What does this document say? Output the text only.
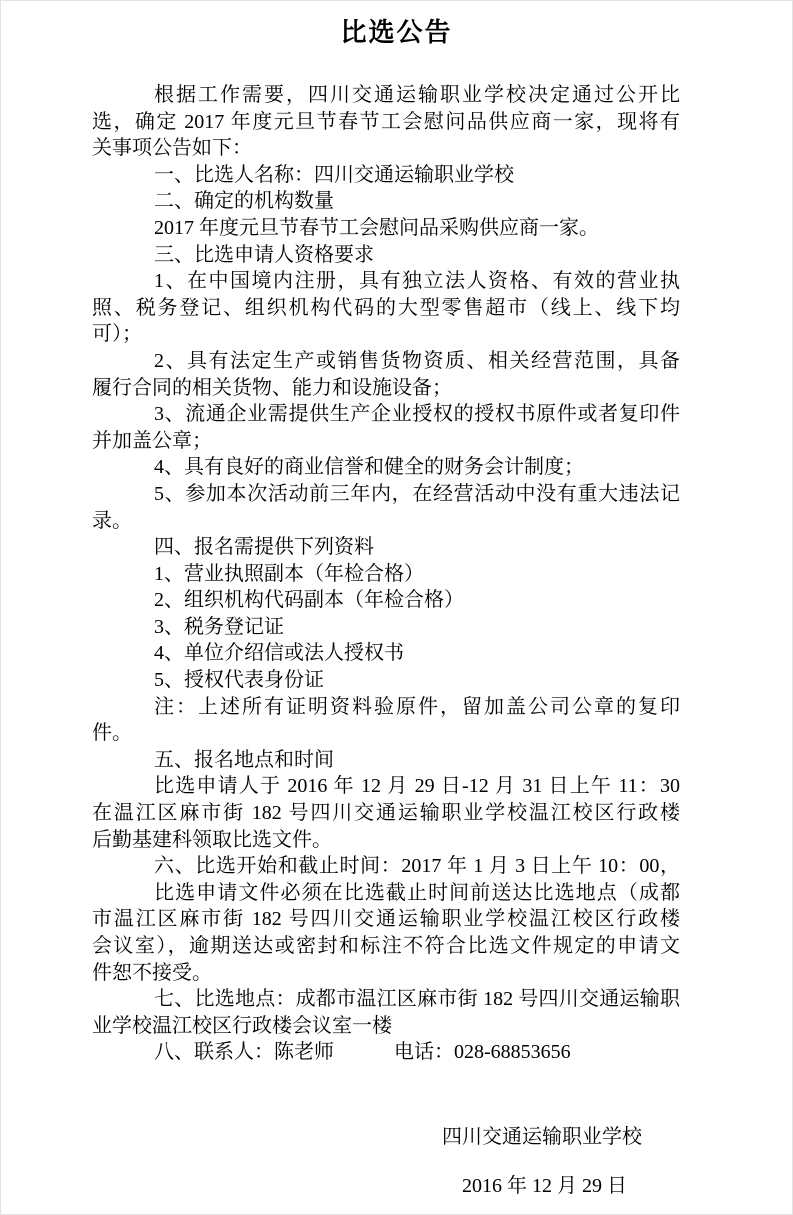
比选公告

根据工作需要，四川交通运输职业学校决定通过公开比

选，确定 2017 年度元旦节春节工会慰问品供应商一家，现将有

关事项公告如下：

一、比选人名称：四川交通运输职业学校

二、确定的机构数量

2017 年度元旦节春节工会慰问品采购供应商一家。

三、比选申请人资格要求

1、在中国境内注册，具有独立法人资格、有效的营业执

照、税务登记、组织机构代码的大型零售超市（线上、线下均

可）；

2、具有法定生产或销售货物资质、相关经营范围，具备

履行合同的相关货物、能力和设施设备；

3、流通企业需提供生产企业授权的授权书原件或者复印件

并加盖公章；

4、具有良好的商业信誉和健全的财务会计制度；

5、参加本次活动前三年内，在经营活动中没有重大违法记

录。

四、报名需提供下列资料

1、营业执照副本（年检合格）

2、组织机构代码副本（年检合格）

3、税务登记证

4、单位介绍信或法人授权书

5、授权代表身份证

注：上述所有证明资料验原件，留加盖公司公章的复印

件。

五、报名地点和时间

比选申请人于 2016 年 12 月 29 日-12 月 31 日上午 11：30

在温江区麻市街 182 号四川交通运输职业学校温江校区行政楼

后勤基建科领取比选文件。

六、比选开始和截止时间：2017 年 1 月 3 日上午 10：00，

比选申请文件必须在比选截止时间前送达比选地点（成都

市温江区麻市街 182 号四川交通运输职业学校温江校区行政楼

会议室），逾期送达或密封和标注不符合比选文件规定的申请文

件恕不接受。

七、比选地点：成都市温江区麻市街 182 号四川交通运输职

业学校温江校区行政楼会议室一楼

八、联系人：陈老师　　　电话：028-68853656

四川交通运输职业学校
2016 年 12 月 29 日
